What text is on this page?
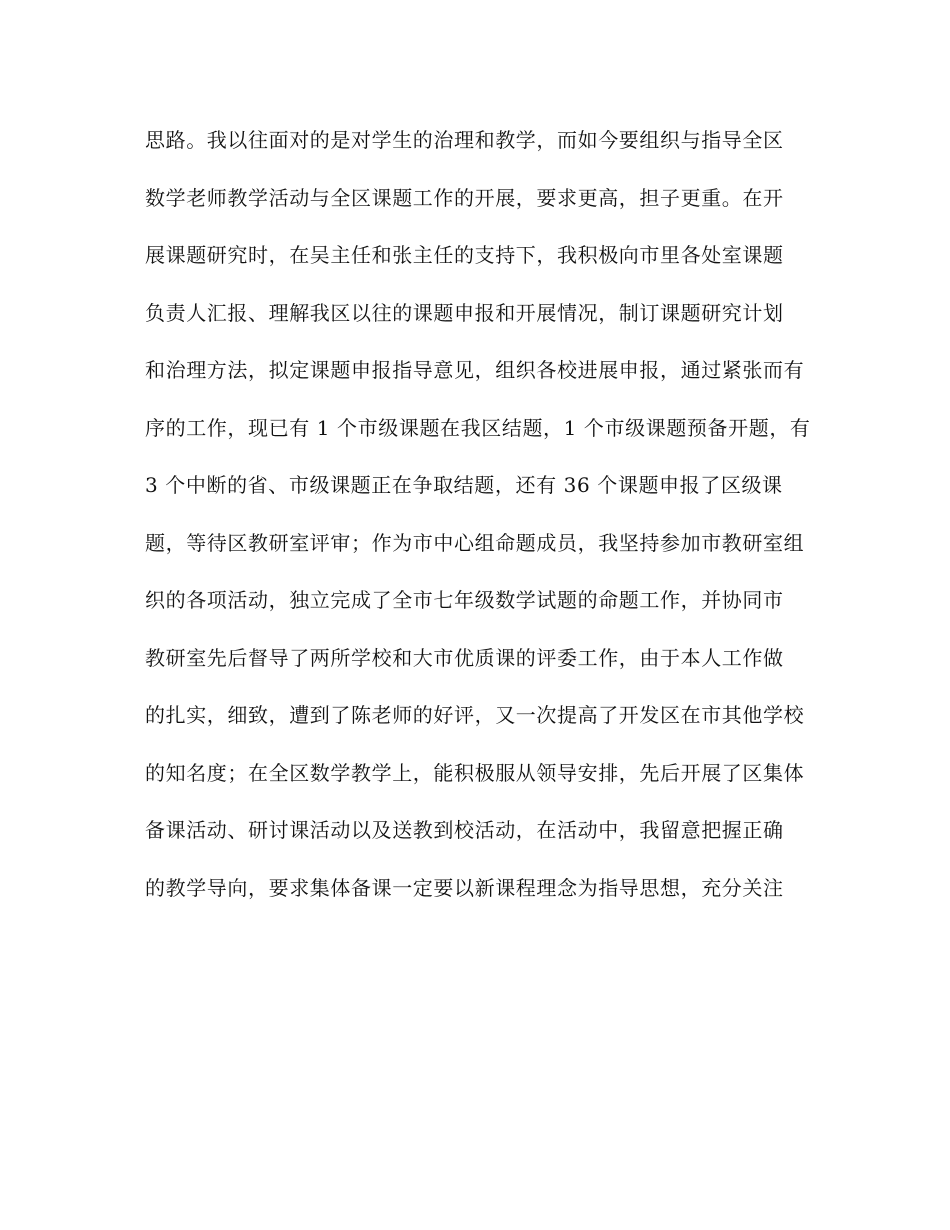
思路。我以往面对的是对学生的治理和教学，而如今要组织与指导全区
数学老师教学活动与全区课题工作的开展，要求更高，担子更重。在开
展课题研究时，在吴主任和张主任的支持下，我积极向市里各处室课题
负责人汇报、理解我区以往的课题申报和开展情况，制订课题研究计划
和治理方法，拟定课题申报指导意见，组织各校进展申报，通过紧张而有
序的工作，现已有 1 个市级课题在我区结题，1 个市级课题预备开题，有
3 个中断的省、市级课题正在争取结题，还有 36 个课题申报了区级课
题，等待区教研室评审；作为市中心组命题成员，我坚持参加市教研室组
织的各项活动，独立完成了全市七年级数学试题的命题工作，并协同市
教研室先后督导了两所学校和大市优质课的评委工作，由于本人工作做
的扎实，细致，遭到了陈老师的好评，又一次提高了开发区在市其他学校
的知名度；在全区数学教学上，能积极服从领导安排，先后开展了区集体
备课活动、研讨课活动以及送教到校活动，在活动中，我留意把握正确
的教学导向，要求集体备课一定要以新课程理念为指导思想，充分关注
